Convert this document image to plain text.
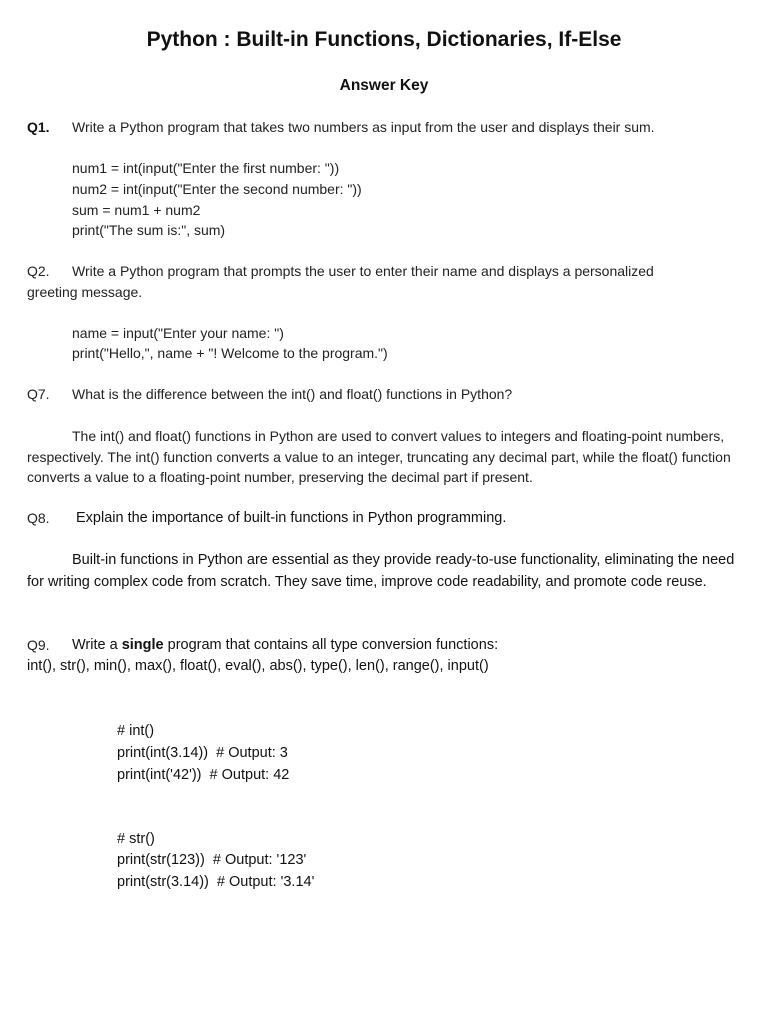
Python : Built-in Functions, Dictionaries, If-Else
Answer Key
Q1. Write a Python program that takes two numbers as input from the user and displays their sum.
num1 = int(input("Enter the first number: "))
num2 = int(input("Enter the second number: "))
sum = num1 + num2
print("The sum is:", sum)
Q2. Write a Python program that prompts the user to enter their name and displays a personalized
greeting message.
name = input("Enter your name: ")
print("Hello,", name + "! Welcome to the program.")
Q7. What is the difference between the int() and float() functions in Python?
The int() and float() functions in Python are used to convert values to integers and floating-point numbers, respectively. The int() function converts a value to an integer, truncating any decimal part, while the float() function converts a value to a floating-point number, preserving the decimal part if present.
Q8. Explain the importance of built-in functions in Python programming.
Built-in functions in Python are essential as they provide ready-to-use functionality, eliminating the need for writing complex code from scratch. They save time, improve code readability, and promote code reuse.
Q9. Write a single program that contains all type conversion functions:
int(), str(), min(), max(), float(), eval(), abs(), type(), len(), range(), input()
# int()
print(int(3.14))  # Output: 3
print(int('42'))  # Output: 42
# str()
print(str(123))  # Output: '123'
print(str(3.14))  # Output: '3.14'
